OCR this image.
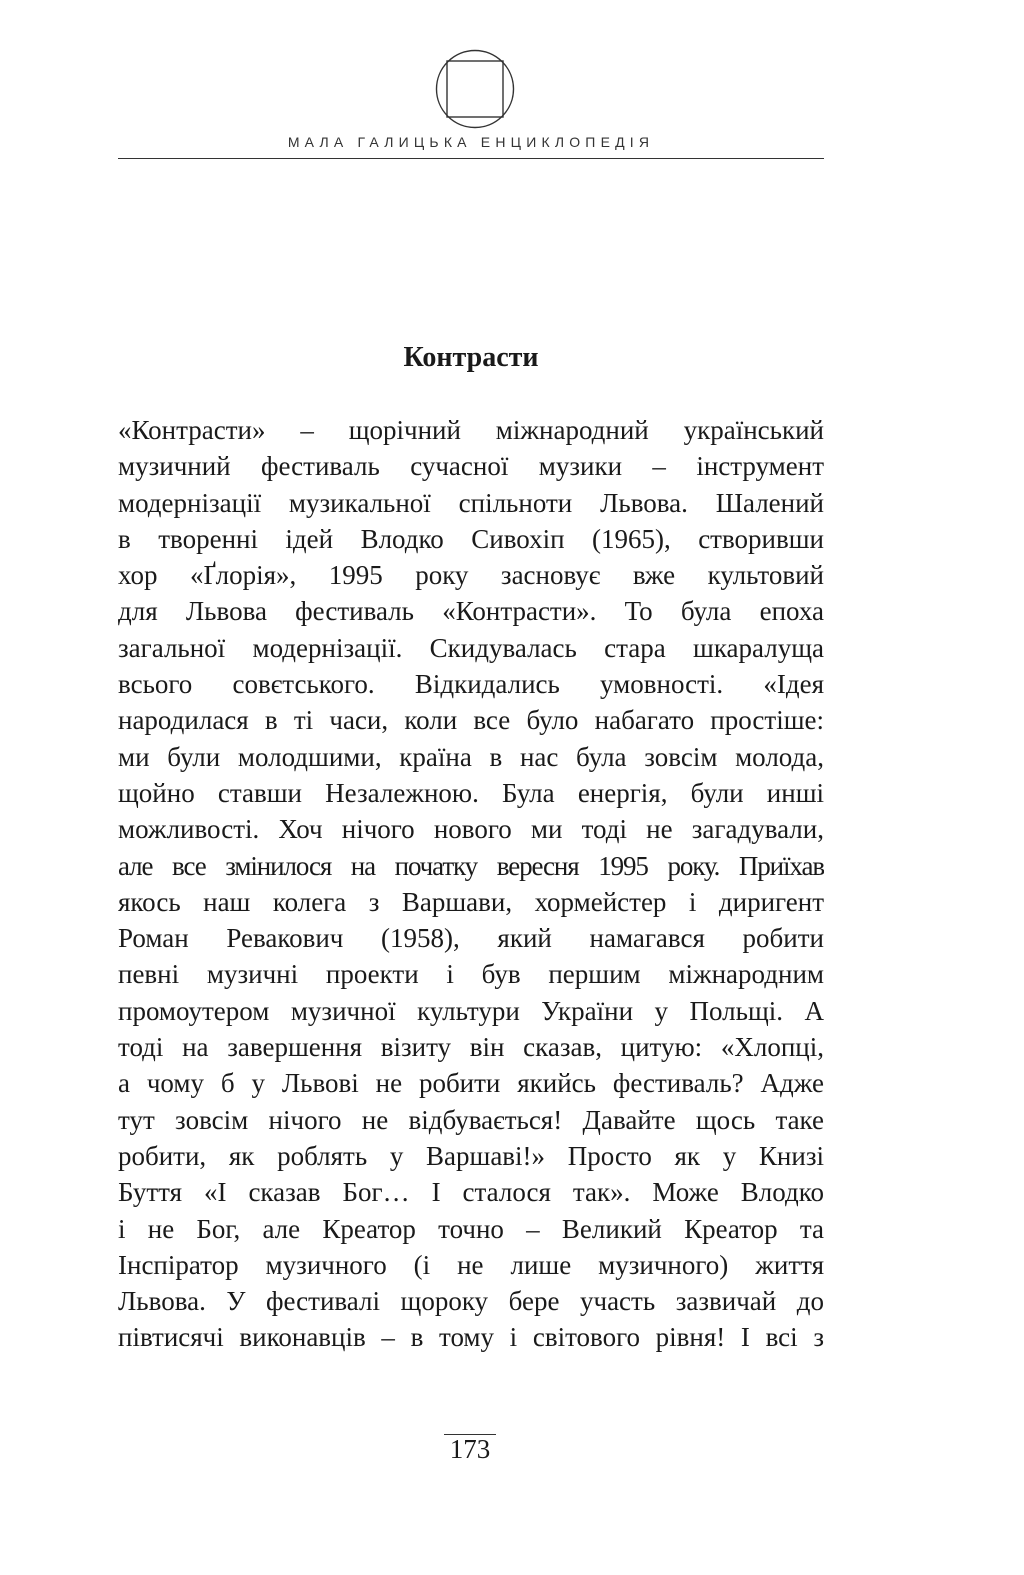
МАЛА ГАЛИЦЬКА ЕНЦИКЛОПЕДІЯ
Контрасти
«Контрасти» – щорічний міжнародний український
музичний фестиваль сучасної музики – інструмент
модернізації музикальної спільноти Львова. Шалений
в творенні ідей Влодко Сивохіп (1965), створивши
хор «Ґлорія», 1995 року засновує вже культовий
для Львова фестиваль «Контрасти». То була епоха
загальної модернізації. Скидувалась стара шкаралуща
всього совєтського. Відкидались умовності. «Ідея
народилася в ті часи, коли все було набагато простіше:
ми були молодшими, країна в нас була зовсім молода,
щойно ставши Незалежною. Була енергія, були инші
можливості. Хоч нічого нового ми тоді не загадували,
але все змінилося на початку вересня 1995 року. Приїхав
якось наш колега з Варшави, хормейстер і диригент
Роман Ревакович (1958), який намагався робити
певні музичні проекти і був першим міжнародним
промоутером музичної культури України у Польщі. А
тоді на завершення візиту він сказав, цитую: «Хлопці,
а чому б у Львові не робити якийсь фестиваль? Адже
тут зовсім нічого не відбувається! Давайте щось таке
робити, як роблять у Варшаві!» Просто як у Книзі
Буття «І сказав Бог… І сталося так». Може Влодко
і не Бог, але Креатор точно – Великий Креатор та
Інспіратор музичного (і не лише музичного) життя
Львова. У фестивалі щороку бере участь зазвичай до
півтисячі виконавців – в тому і світового рівня! І всі з
173
